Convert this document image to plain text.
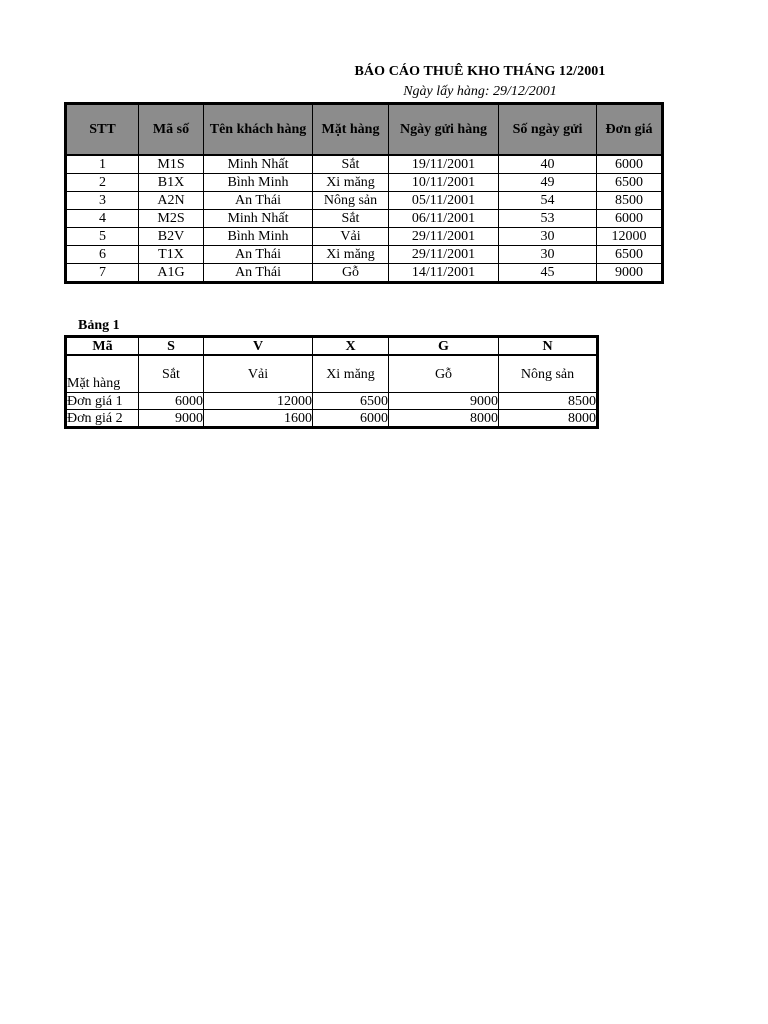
BÁO CÁO THUÊ KHO THÁNG 12/2001
Ngày lấy hàng: 29/12/2001
STT	Mã số	Tên khách hàng	Mặt hàng	Ngày gửi hàng	Số ngày gửi	Đơn giá
1	M1S	Minh Nhất	Sắt	19/11/2001	40	6000
2	B1X	Bình Minh	Xi măng	10/11/2001	49	6500
3	A2N	An Thái	Nông sản	05/11/2001	54	8500
4	M2S	Minh Nhất	Sắt	06/11/2001	53	6000
5	B2V	Bình Minh	Vải	29/11/2001	30	12000
6	T1X	An Thái	Xi măng	29/11/2001	30	6500
7	A1G	An Thái	Gỗ	14/11/2001	45	9000
Bảng 1
Mã	S	V	X	G	N
Mặt hàng	Sắt	Vải	Xi măng	Gỗ	Nông sản
Đơn giá 1	6000	12000	6500	9000	8500
Đơn giá 2	9000	1600	6000	8000	8000
